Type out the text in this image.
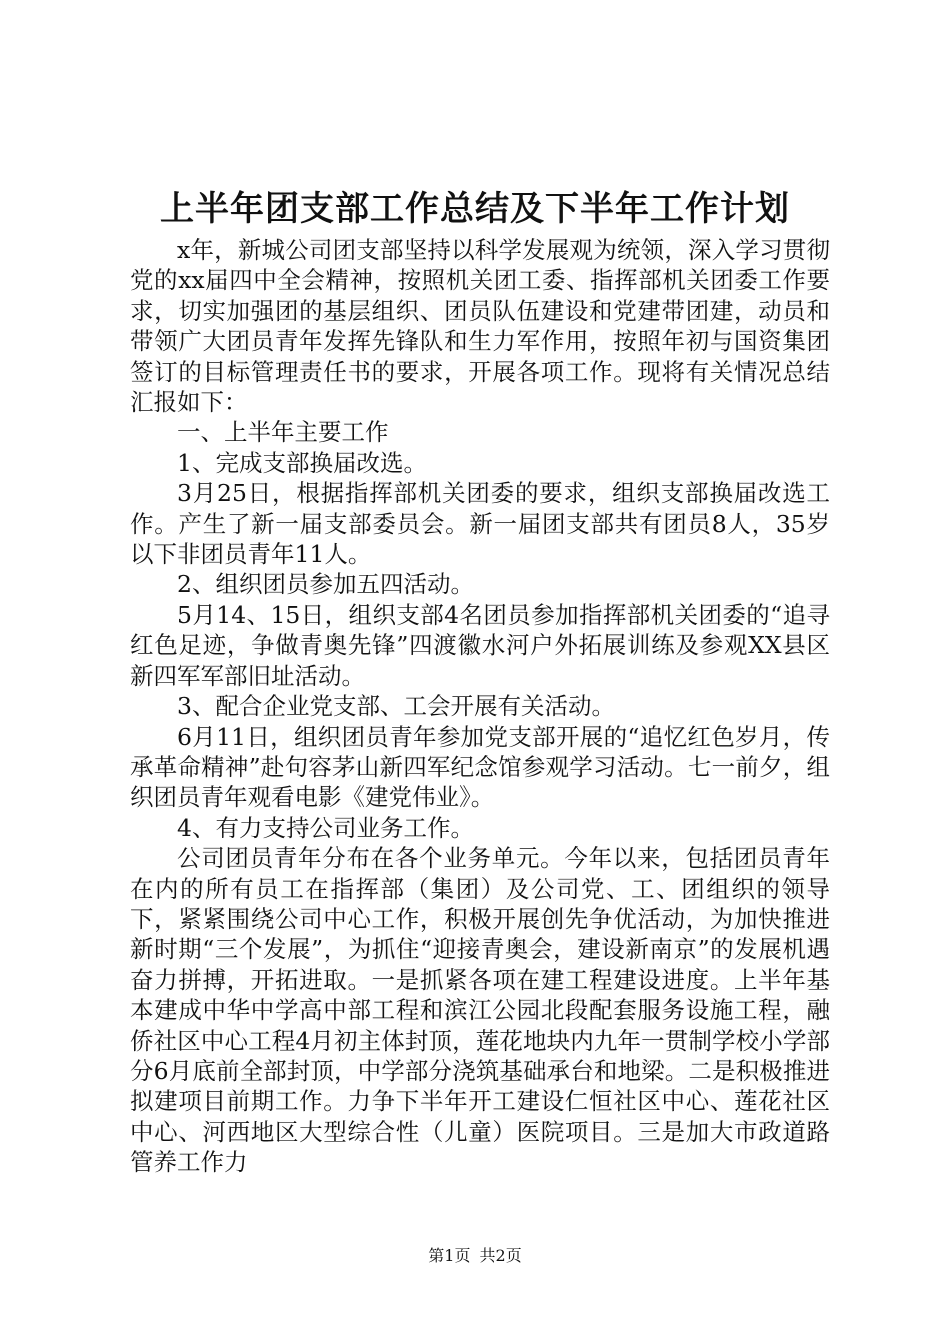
上半年团支部工作总结及下半年工作计划

x年，新城公司团支部坚持以科学发展观为统领，深入学习贯彻党的xx届四中全会精神，按照机关团工委、指挥部机关团委工作要求，切实加强团的基层组织、团员队伍建设和党建带团建，动员和带领广大团员青年发挥先锋队和生力军作用，按照年初与国资集团签订的目标管理责任书的要求，开展各项工作。现将有关情况总结汇报如下：

一、上半年主要工作

1、完成支部换届改选。

3月25日，根据指挥部机关团委的要求，组织支部换届改选工作。产生了新一届支部委员会。新一届团支部共有团员8人，35岁以下非团员青年11人。

2、组织团员参加五四活动。

5月14、15日，组织支部4名团员参加指挥部机关团委的“追寻红色足迹，争做青奥先锋”四渡徽水河户外拓展训练及参观XX县区新四军军部旧址活动。

3、配合企业党支部、工会开展有关活动。

6月11日，组织团员青年参加党支部开展的“追忆红色岁月，传承革命精神”赴句容茅山新四军纪念馆参观学习活动。七一前夕，组织团员青年观看电影《建党伟业》。

4、有力支持公司业务工作。

公司团员青年分布在各个业务单元。今年以来，包括团员青年在内的所有员工在指挥部（集团）及公司党、工、团组织的领导下，紧紧围绕公司中心工作，积极开展创先争优活动，为加快推进新时期“三个发展”，为抓住“迎接青奥会，建设新南京”的发展机遇奋力拼搏，开拓进取。一是抓紧各项在建工程建设进度。上半年基本建成中华中学高中部工程和滨江公园北段配套服务设施工程，融侨社区中心工程4月初主体封顶，莲花地块内九年一贯制学校小学部分6月底前全部封顶，中学部分浇筑基础承台和地梁。二是积极推进拟建项目前期工作。力争下半年开工建设仁恒社区中心、莲花社区中心、河西地区大型综合性（儿童）医院项目。三是加大市政道路管养工作力

第1页 共2页
